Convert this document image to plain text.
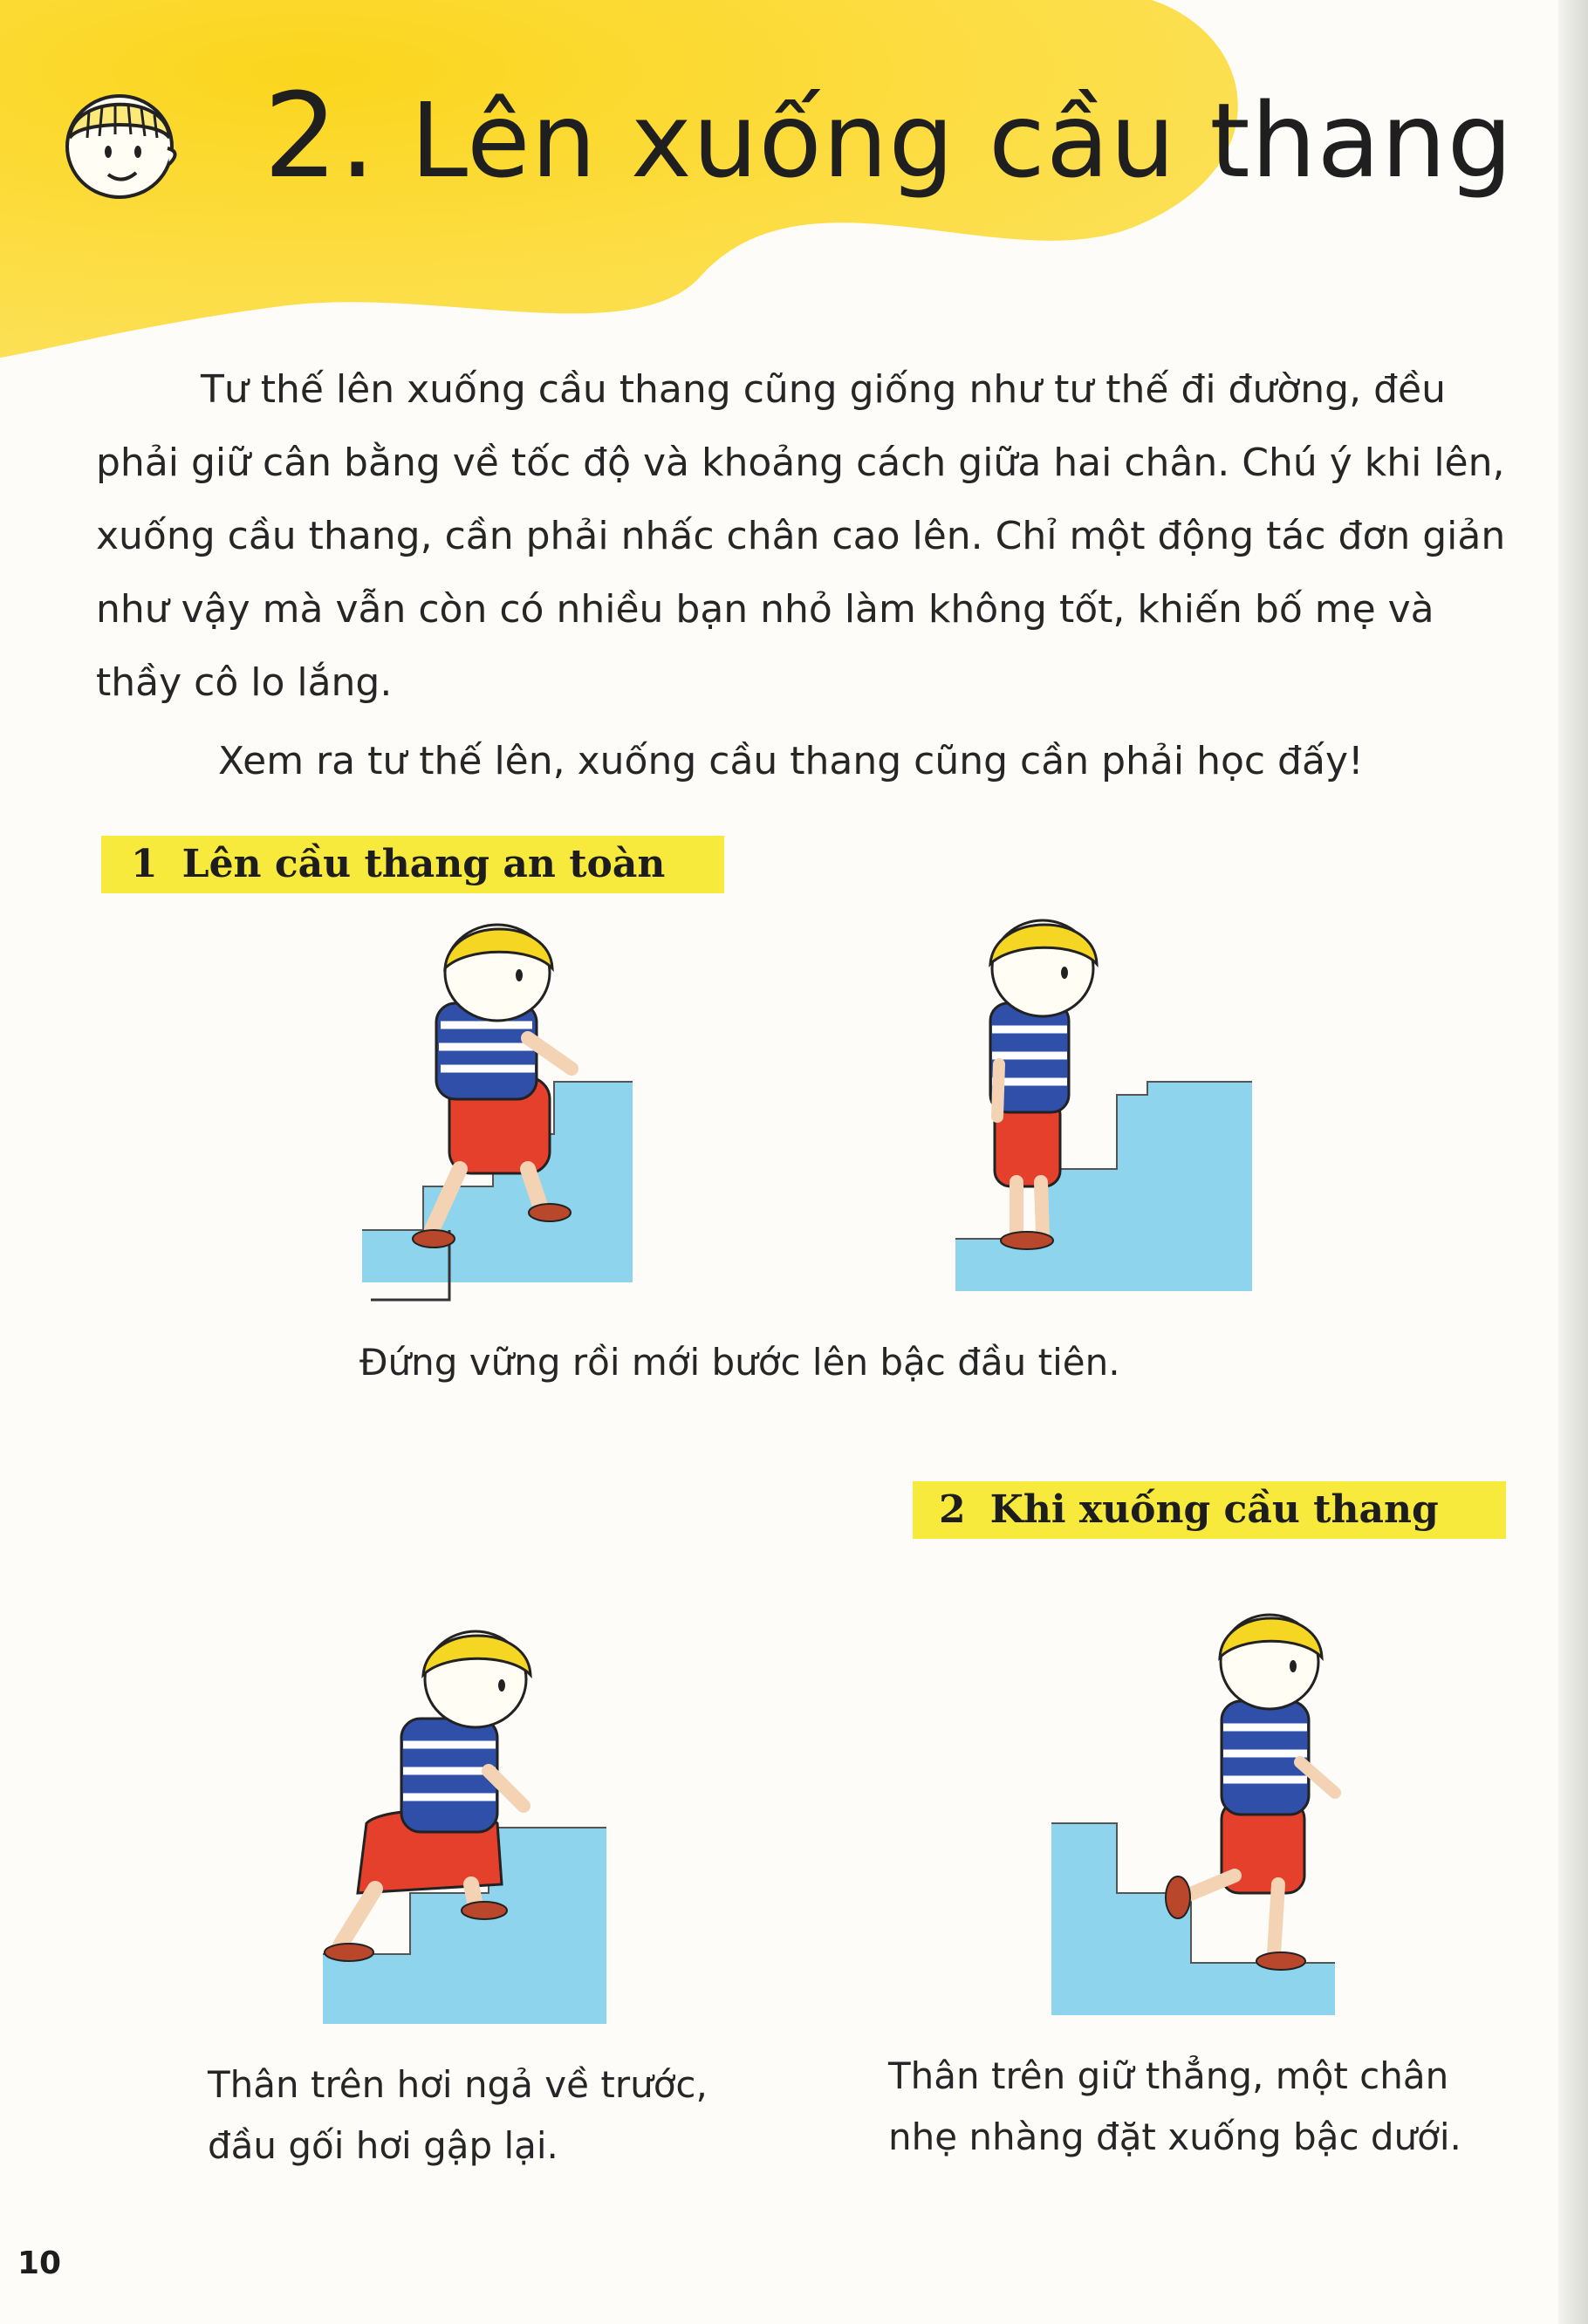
2. Lên xuống cầu thang

Tư thế lên xuống cầu thang cũng giống như tư thế đi đường, đều phải giữ cân bằng về tốc độ và khoảng cách giữa hai chân. Chú ý khi lên, xuống cầu thang, cần phải nhấc chân cao lên. Chỉ một động tác đơn giản như vậy mà vẫn còn có nhiều bạn nhỏ làm không tốt, khiến bố mẹ và thầy cô lo lắng.

Xem ra tư thế lên, xuống cầu thang cũng cần phải học đấy!

1 Lên cầu thang an toàn
Đứng vững rồi mới bước lên bậc đầu tiên.
2 Khi xuống cầu thang
Thân trên hơi ngả về trước,
đầu gối hơi gập lại.
Thân trên giữ thẳng, một chân
nhẹ nhàng đặt xuống bậc dưới.
10
